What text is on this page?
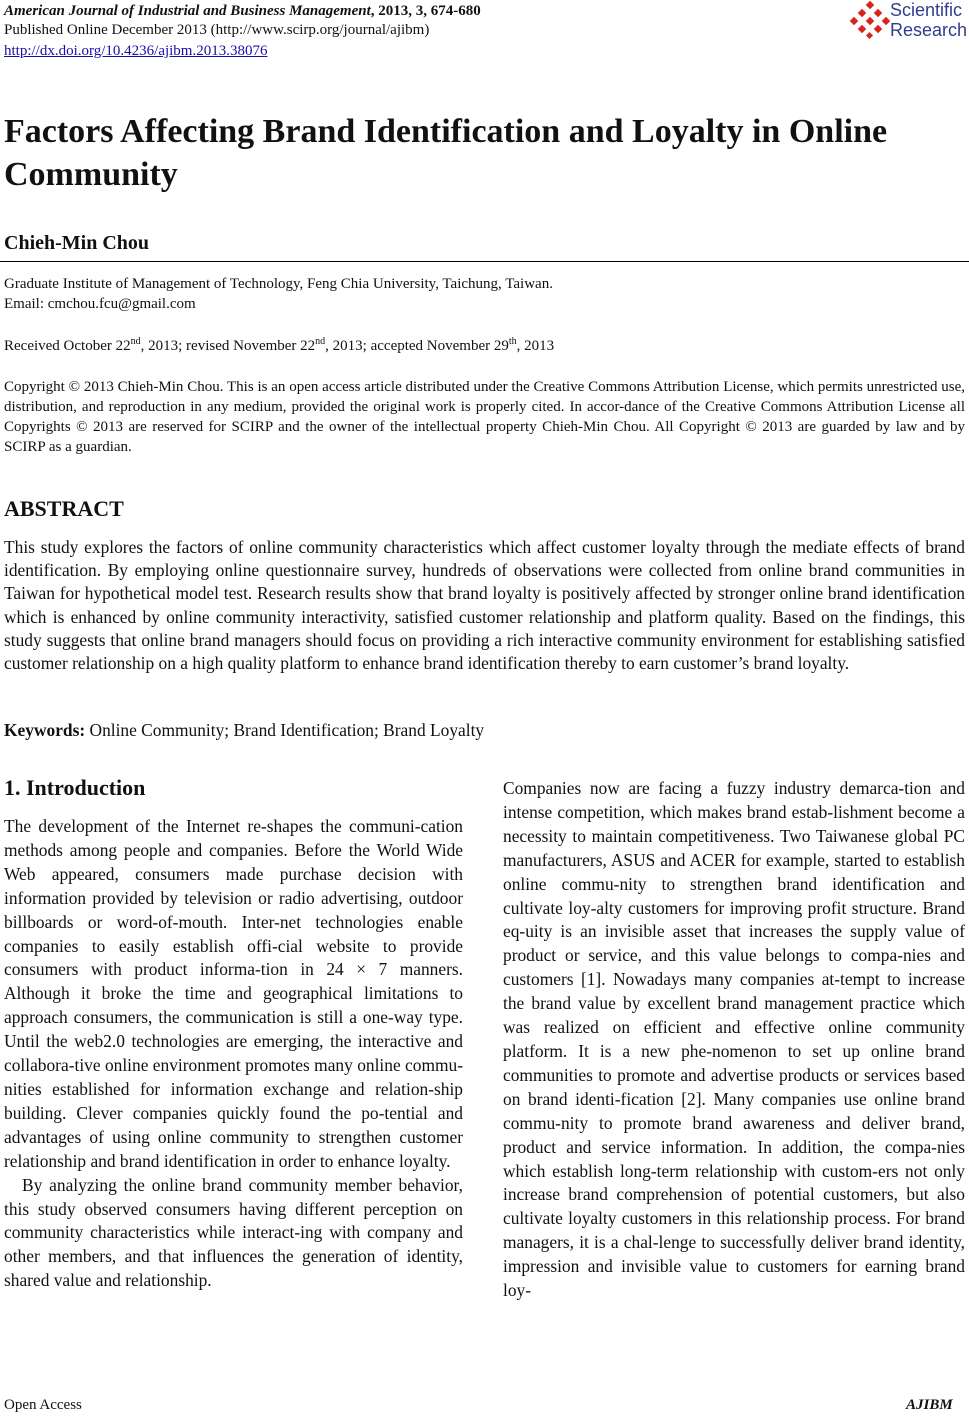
American Journal of Industrial and Business Management, 2013, 3, 674-680
Published Online December 2013 (http://www.scirp.org/journal/ajibm)
http://dx.doi.org/10.4236/ajibm.2013.38076
Scientific
Research
Factors Affecting Brand Identification and Loyalty in Online Community
Chieh-Min Chou
Graduate Institute of Management of Technology, Feng Chia University, Taichung, Taiwan.
Email: cmchou.fcu@gmail.com
Received October 22nd, 2013; revised November 22nd, 2013; accepted November 29th, 2013
Copyright © 2013 Chieh-Min Chou. This is an open access article distributed under the Creative Commons Attribution License, which permits unrestricted use, distribution, and reproduction in any medium, provided the original work is properly cited. In accor-dance of the Creative Commons Attribution License all Copyrights © 2013 are reserved for SCIRP and the owner of the intellectual property Chieh-Min Chou. All Copyright © 2013 are guarded by law and by SCIRP as a guardian.
ABSTRACT
This study explores the factors of online community characteristics which affect customer loyalty through the mediate effects of brand identification. By employing online questionnaire survey, hundreds of observations were collected from online brand communities in Taiwan for hypothetical model test. Research results show that brand loyalty is positively affected by stronger online brand identification which is enhanced by online community interactivity, satisfied customer relationship and platform quality. Based on the findings, this study suggests that online brand managers should focus on providing a rich interactive community environment for establishing satisfied customer relationship on a high quality platform to enhance brand identification thereby to earn customer’s brand loyalty.
Keywords: Online Community; Brand Identification; Brand Loyalty
1. Introduction

The development of the Internet re-shapes the communi-cation methods among people and companies. Before the World Wide Web appeared, consumers made purchase decision with information provided by television or radio advertising, outdoor billboards or word-of-mouth. Inter-net technologies enable companies to easily establish offi-cial website to provide consumers with product informa-tion in 24 × 7 manners. Although it broke the time and geographical limitations to approach consumers, the communication is still a one-way type. Until the web2.0 technologies are emerging, the interactive and collabora-tive online environment promotes many online commu-nities established for information exchange and relation-ship building. Clever companies quickly found the po-tential and advantages of using online community to strengthen customer relationship and brand identification in order to enhance loyalty.

By analyzing the online brand community member behavior, this study observed consumers having different perception on community characteristics while interact-ing with company and other members, and that influences the generation of identity, shared value and relationship.

Companies now are facing a fuzzy industry demarca-tion and intense competition, which makes brand estab-lishment become a necessity to maintain competitiveness. Two Taiwanese global PC manufacturers, ASUS and ACER for example, started to establish online commu-nity to strengthen brand identification and cultivate loy-alty customers for improving profit structure. Brand eq-uity is an invisible asset that increases the supply value of product or service, and this value belongs to compa-nies and customers [1]. Nowadays many companies at-tempt to increase the brand value by excellent brand management practice which was realized on efficient and effective online community platform. It is a new phe-nomenon to set up online brand communities to promote and advertise products or services based on brand identi-fication [2]. Many companies use online brand commu-nity to promote brand awareness and deliver brand, product and service information. In addition, the compa-nies which establish long-term relationship with custom-ers not only increase brand comprehension of potential customers, but also cultivate loyalty customers in this relationship process. For brand managers, it is a chal-lenge to successfully deliver brand identity, impression and invisible value to customers for earning brand loy-

Open Access	AJIBM
